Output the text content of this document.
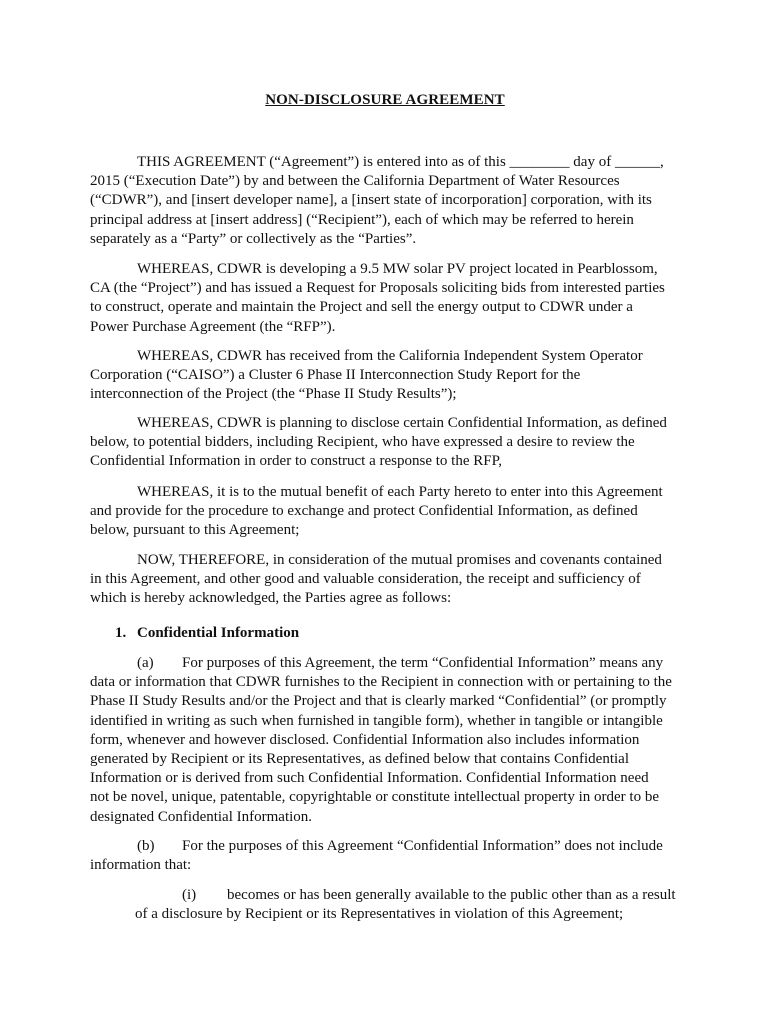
NON-DISCLOSURE AGREEMENT
THIS AGREEMENT (“Agreement”) is entered into as of this ________ day of ______,
2015 (“Execution Date”) by and between the California Department of Water Resources
(“CDWR”), and [insert developer name], a [insert state of incorporation] corporation, with its
principal address at [insert address] (“Recipient”), each of which may be referred to herein
separately as a “Party” or collectively as the “Parties”.
WHEREAS, CDWR is developing a 9.5 MW solar PV project located in Pearblossom,
CA (the “Project”) and has issued a Request for Proposals soliciting bids from interested parties
to construct, operate and maintain the Project and sell the energy output to CDWR under a
Power Purchase Agreement (the “RFP”).
WHEREAS, CDWR has received from the California Independent System Operator
Corporation (“CAISO”) a Cluster 6 Phase II Interconnection Study Report for the
interconnection of the Project (the “Phase II Study Results”);
WHEREAS, CDWR is planning to disclose certain Confidential Information, as defined
below, to potential bidders, including Recipient, who have expressed a desire to review the
Confidential Information in order to construct a response to the RFP,
WHEREAS, it is to the mutual benefit of each Party hereto to enter into this Agreement
and provide for the procedure to exchange and protect Confidential Information, as defined
below, pursuant to this Agreement;
NOW, THEREFORE, in consideration of the mutual promises and covenants contained
in this Agreement, and other good and valuable consideration, the receipt and sufficiency of
which is hereby acknowledged, the Parties agree as follows:
1. Confidential Information
(a) For purposes of this Agreement, the term “Confidential Information” means any
data or information that CDWR furnishes to the Recipient in connection with or pertaining to the
Phase II Study Results and/or the Project and that is clearly marked “Confidential” (or promptly
identified in writing as such when furnished in tangible form), whether in tangible or intangible
form, whenever and however disclosed. Confidential Information also includes information
generated by Recipient or its Representatives, as defined below that contains Confidential
Information or is derived from such Confidential Information. Confidential Information need
not be novel, unique, patentable, copyrightable or constitute intellectual property in order to be
designated Confidential Information.
(b) For the purposes of this Agreement “Confidential Information” does not include
information that:
(i) becomes or has been generally available to the public other than as a result
of a disclosure by Recipient or its Representatives in violation of this Agreement;
